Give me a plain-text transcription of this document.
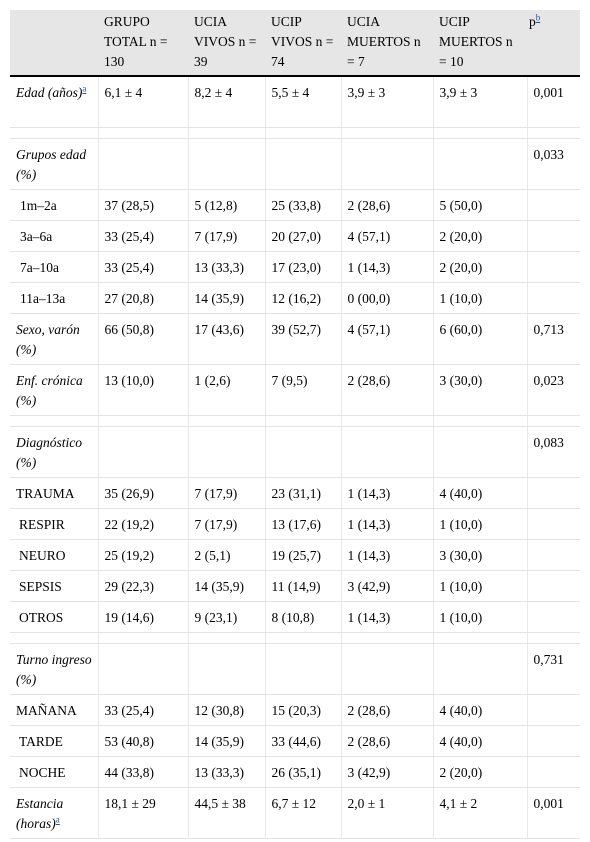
	GRUPO TOTAL n = 130	UCIA VIVOS n = 39	UCIP VIVOS n = 74	UCIA MUERTOS n = 7	UCIP MUERTOS n = 10	$p^b$
Edad (años)$^a$	6,1 ± 4	8,2 ± 4	5,5 ± 4	3,9 ± 3	3,9 ± 3	0,001

Grupos edad (%)						0,033
1m–2a	37 (28,5)	5 (12,8)	25 (33,8)	2 (28,6)	5 (50,0)	
3a–6a	33 (25,4)	7 (17,9)	20 (27,0)	4 (57,1)	2 (20,0)	
7a–10a	33 (25,4)	13 (33,3)	17 (23,0)	1 (14,3)	2 (20,0)	
11a–13a	27 (20,8)	14 (35,9)	12 (16,2)	0 (00,0)	1 (10,0)	
Sexo, varón (%)	66 (50,8)	17 (43,6)	39 (52,7)	4 (57,1)	6 (60,0)	0,713
Enf. crónica (%)	13 (10,0)	1 (2,6)	7 (9,5)	2 (28,6)	3 (30,0)	0,023

Diagnóstico (%)						0,083
TRAUMA	35 (26,9)	7 (17,9)	23 (31,1)	1 (14,3)	4 (40,0)	
RESPIR	22 (19,2)	7 (17,9)	13 (17,6)	1 (14,3)	1 (10,0)	
NEURO	25 (19,2)	2 (5,1)	19 (25,7)	1 (14,3)	3 (30,0)	
SEPSIS	29 (22,3)	14 (35,9)	11 (14,9)	3 (42,9)	1 (10,0)	
OTROS	19 (14,6)	9 (23,1)	8 (10,8)	1 (14,3)	1 (10,0)	

Turno ingreso (%)						0,731
MAÑANA	33 (25,4)	12 (30,8)	15 (20,3)	2 (28,6)	4 (40,0)	
TARDE	53 (40,8)	14 (35,9)	33 (44,6)	2 (28,6)	4 (40,0)	
NOCHE	44 (33,8)	13 (33,3)	26 (35,1)	3 (42,9)	2 (20,0)	
Estancia (horas)$^a$	18,1 ± 29	44,5 ± 38	6,7 ± 12	2,0 ± 1	4,1 ± 2	0,001
